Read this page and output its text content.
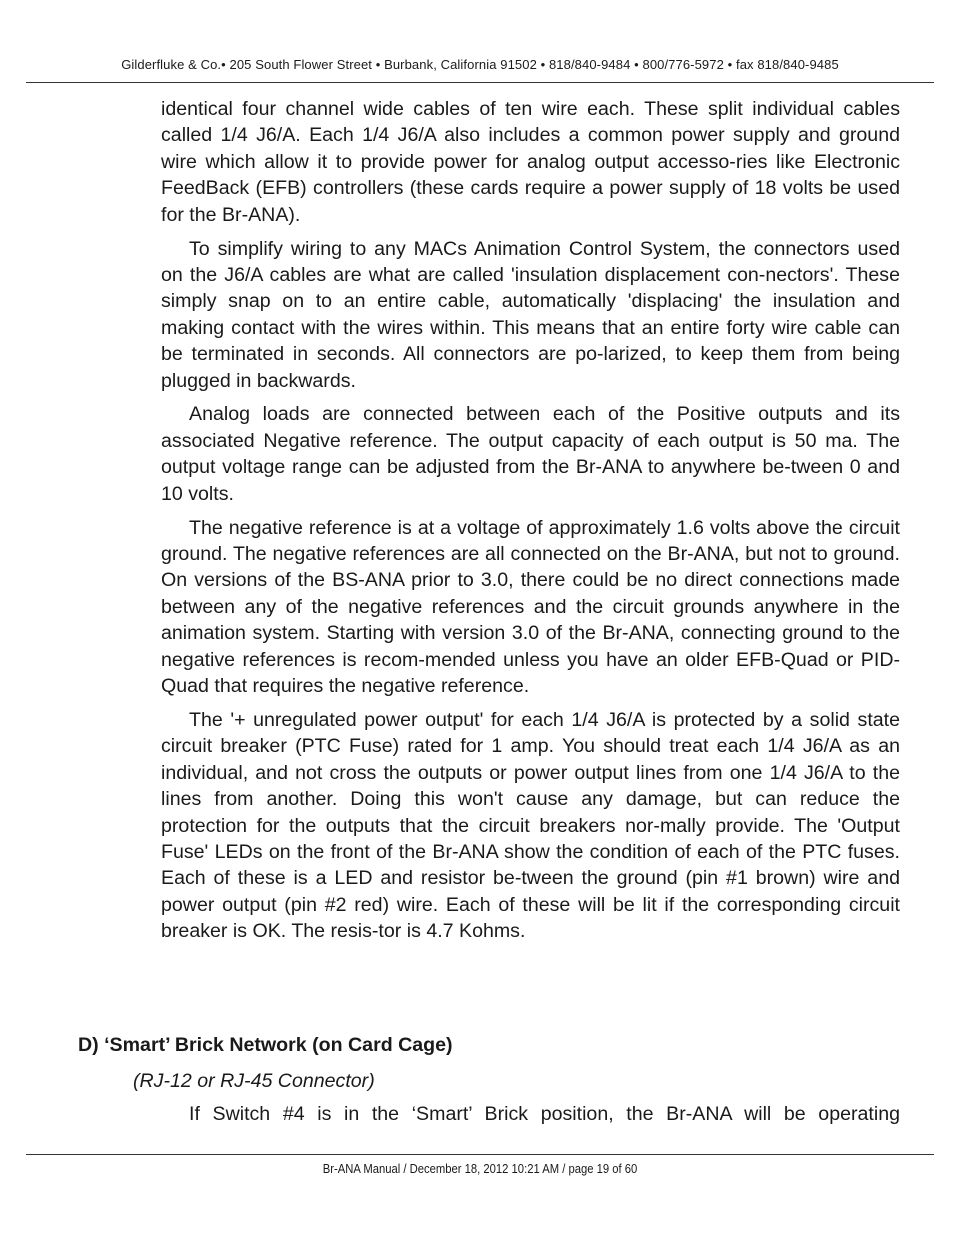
Gilderfluke & Co.• 205 South Flower Street • Burbank, California 91502 • 818/840-9484 • 800/776-5972 • fax 818/840-9485

identical four channel wide cables of ten wire each. These split individual cables called 1/4 J6/A. Each 1/4 J6/A also includes a common power supply and ground wire which allow it to provide power for analog output accesso-ries like Electronic FeedBack (EFB) controllers (these cards require a power supply of 18 volts be used for the Br-ANA).

To simplify wiring to any MACs Animation Control System, the connectors used on the J6/A cables are what are called 'insulation displacement con-nectors'. These simply snap on to an entire cable, automatically 'displacing' the insulation and making contact with the wires within. This means that an entire forty wire cable can be terminated in seconds. All connectors are po-larized, to keep them from being plugged in backwards.

Analog loads are connected between each of the Positive outputs and its associated Negative reference. The output capacity of each output is 50 ma. The output voltage range can be adjusted from the Br-ANA to anywhere be-tween 0 and 10 volts.

The negative reference is at a voltage of approximately 1.6 volts above the circuit ground. The negative references are all connected on the Br-ANA, but not to ground. On versions of the BS-ANA prior to 3.0, there could be no direct connections made between any of the negative references and the circuit grounds anywhere in the animation system. Starting with version 3.0 of the Br-ANA, connecting ground to the negative references is recom-mended unless you have an older EFB-Quad or PID-Quad that requires the negative reference.

The '+ unregulated power output' for each 1/4 J6/A is protected by a solid state circuit breaker (PTC Fuse) rated for 1 amp. You should treat each 1/4 J6/A as an individual, and not cross the outputs or power output lines from one 1/4 J6/A to the lines from another. Doing this won't cause any damage, but can reduce the protection for the outputs that the circuit breakers nor-mally provide. The 'Output Fuse' LEDs on the front of the Br-ANA show the condition of each of the PTC fuses. Each of these is a LED and resistor be-tween the ground (pin #1 brown) wire and power output (pin #2 red) wire. Each of these will be lit if the corresponding circuit breaker is OK. The resis-tor is 4.7 Kohms.

D) ‘Smart’ Brick Network (on Card Cage)
(RJ-12 or RJ-45 Connector)
If Switch #4 is in the ‘Smart’ Brick position, the Br-ANA will be operating
Br-ANA Manual / December 18, 2012 10:21 AM / page 19 of 60
